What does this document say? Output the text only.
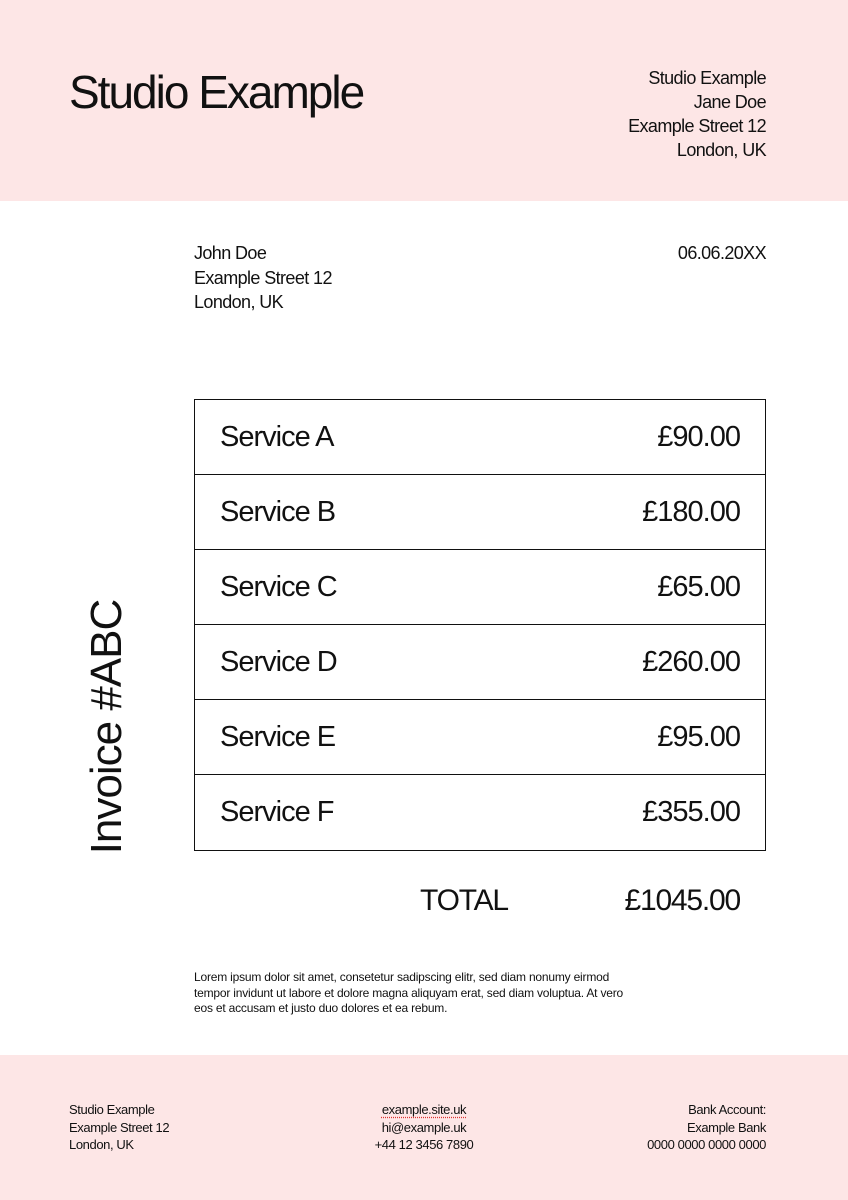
Studio Example	Studio Example
Jane Doe
Example Street 12
London, UK
John Doe
Example Street 12
London, UK
06.06.20XX
Invoice #ABC
Service A	£90.00
Service B	£180.00
Service C	£65.00
Service D	£260.00
Service E	£95.00
Service F	£355.00
TOTAL	£1045.00
Lorem ipsum dolor sit amet, consetetur sadipscing elitr, sed diam nonumy eirmod tempor invidunt ut labore et dolore magna aliquyam erat, sed diam voluptua. At vero eos et accusam et justo duo dolores et ea rebum.
Studio Example
Example Street 12
London, UK
example.site.uk
hi@example.uk
+44 12 3456 7890
Bank Account:
Example Bank
0000 0000 0000 0000
